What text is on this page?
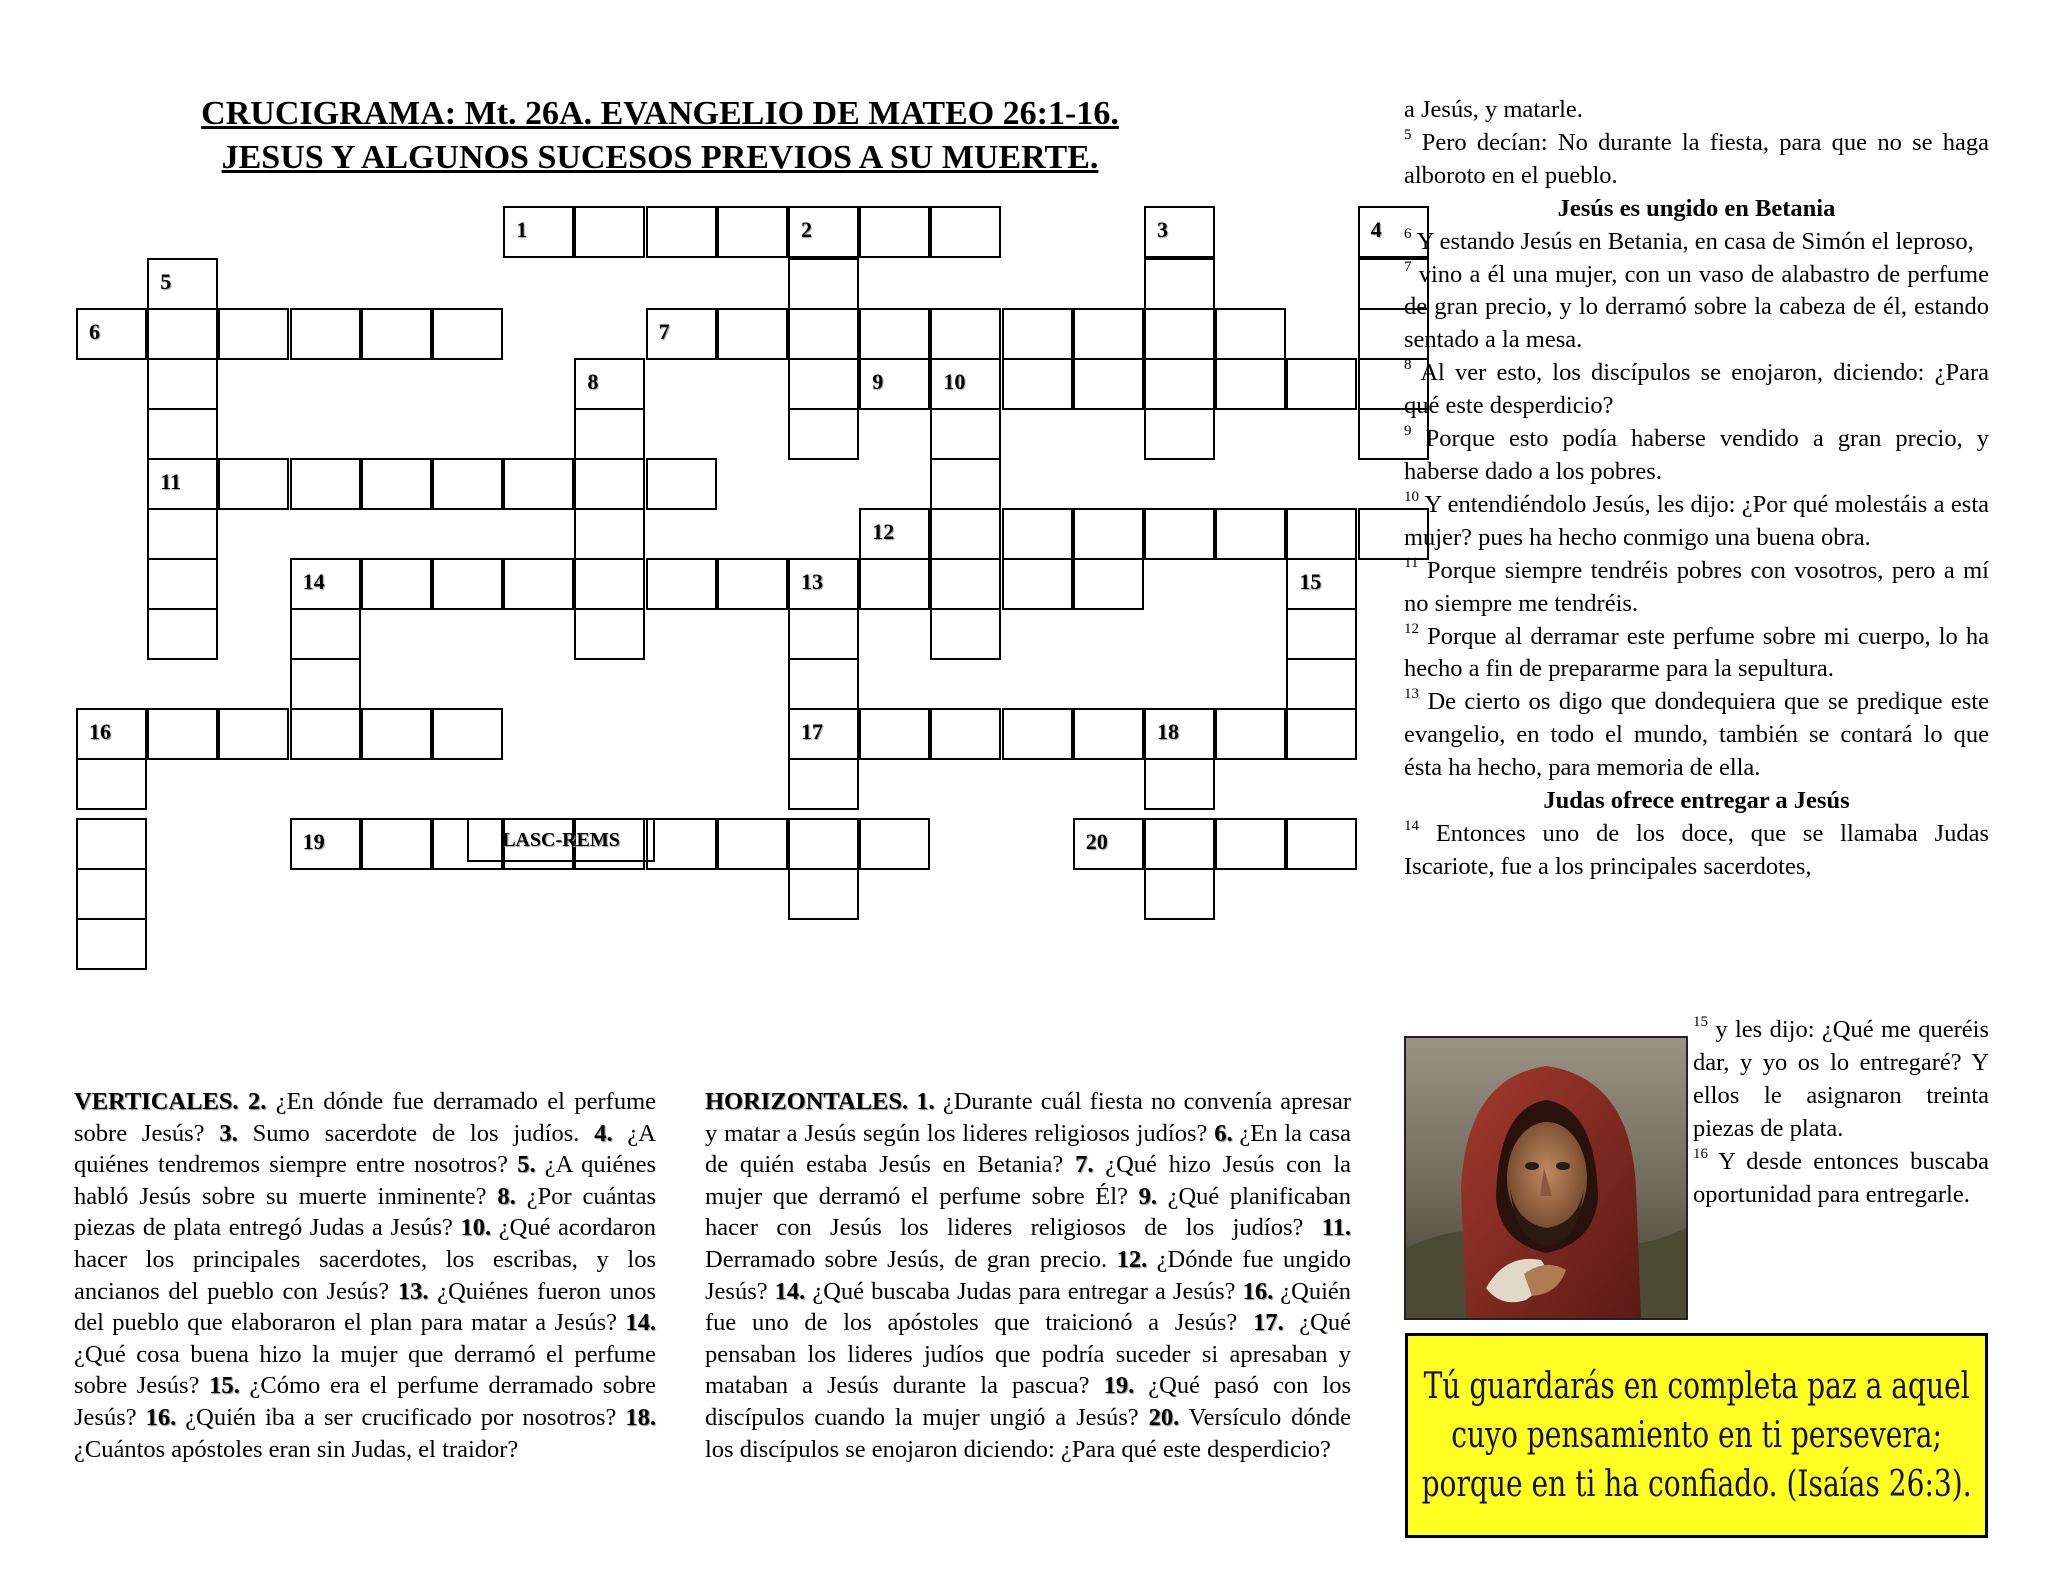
CRUCIGRAMA: Mt. 26A. EVANGELIO DE MATEO 26:1-16.
JESUS Y ALGUNOS SUCESOS PREVIOS A SU MUERTE.
1	2	3	4
5
11
6	7
8	9	10
12
13
17
14	15
16	18
19	20
LASC-REMS
VERTICALES. 2. ¿En dónde fue derramado el perfume sobre Jesús? 3. Sumo sacerdote de los judíos. 4. ¿A quiénes tendremos siempre entre nosotros? 5. ¿A quiénes habló Jesús sobre su muerte inminente? 8. ¿Por cuántas piezas de plata entregó Judas a Jesús? 10. ¿Qué acordaron hacer los principales sacerdotes, los escribas, y los ancianos del pueblo con Jesús? 13. ¿Quiénes fueron unos del pueblo que elaboraron el plan para matar a Jesús? 14. ¿Qué cosa buena hizo la mujer que derramó el perfume sobre Jesús? 15. ¿Cómo era el perfume derramado sobre Jesús? 16. ¿Quién iba a ser crucificado por nosotros? 18. ¿Cuántos apóstoles eran sin Judas, el traidor?
HORIZONTALES. 1. ¿Durante cuál fiesta no convenía apresar y matar a Jesús según los lideres religiosos judíos? 6. ¿En la casa de quién estaba Jesús en Betania? 7. ¿Qué hizo Jesús con la mujer que derramó el perfume sobre Él? 9. ¿Qué planificaban hacer con Jesús los lideres religiosos de los judíos? 11. Derramado sobre Jesús, de gran precio. 12. ¿Dónde fue ungido Jesús? 14. ¿Qué buscaba Judas para entregar a Jesús? 16. ¿Quién fue uno de los apóstoles que traicionó a Jesús? 17. ¿Qué pensaban los lideres judíos que podría suceder si apresaban y mataban a Jesús durante la pascua? 19. ¿Qué pasó con los discípulos cuando la mujer ungió a Jesús? 20. Versículo dónde los discípulos se enojaron diciendo: ¿Para qué este desperdicio?

a Jesús, y matarle.

$^5$ Pero decían: No durante la fiesta, para que no se haga alboroto en el pueblo.

Jesús es ungido en Betania

$^6$ Y estando Jesús en Betania, en casa de Simón el leproso,

$^7$ vino a él una mujer, con un vaso de alabastro de perfume de gran precio, y lo derramó sobre la cabeza de él, estando sentado a la mesa.

$^8$ Al ver esto, los discípulos se enojaron, diciendo: ¿Para qué este desperdicio?

$^9$ Porque esto podía haberse vendido a gran precio, y haberse dado a los pobres.

$^{10}$ Y entendiéndolo Jesús, les dijo: ¿Por qué molestáis a esta mujer? pues ha hecho conmigo una buena obra.

$^{11}$ Porque siempre tendréis pobres con vosotros, pero a mí no siempre me tendréis.

$^{12}$ Porque al derramar este perfume sobre mi cuerpo, lo ha hecho a fin de prepararme para la sepultura.

$^{13}$ De cierto os digo que dondequiera que se predique este evangelio, en todo el mundo, también se contará lo que ésta ha hecho, para memoria de ella.

Judas ofrece entregar a Jesús

$^{14}$ Entonces uno de los doce, que se llamaba Judas Iscariote, fue a los principales sacerdotes,

$^{15}$ y les dijo: ¿Qué me queréis dar, y yo os lo entregaré? Y ellos le asignaron treinta piezas de plata.

$^{16}$ Y desde entonces buscaba oportunidad para entregarle.

Tú guardarás en completa paz a aquel
cuyo pensamiento en ti persevera;
porque en ti ha confiado. (Isaías 26:3).
